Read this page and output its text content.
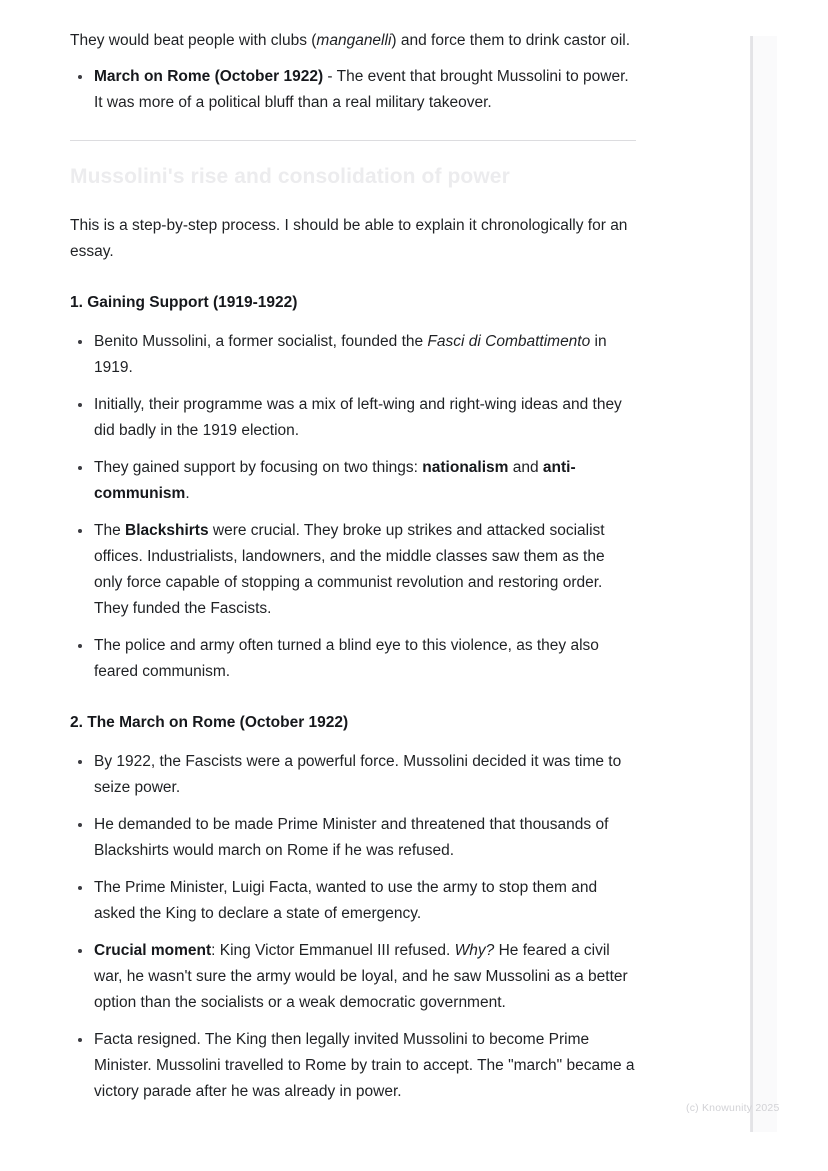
They would beat people with clubs (manganelli) and force them to drink castor oil.

March on Rome (October 1922) - The event that brought Mussolini to power. It was more of a political bluff than a real military takeover.
Mussolini's rise and consolidation of power

This is a step-by-step process. I should be able to explain it chronologically for an essay.

1. Gaining Support (1919-1922)
Benito Mussolini, a former socialist, founded the Fasci di Combattimento in 1919.
Initially, their programme was a mix of left-wing and right-wing ideas and they did badly in the 1919 election.
They gained support by focusing on two things: nationalism and anti-communism.
The Blackshirts were crucial. They broke up strikes and attacked socialist offices. Industrialists, landowners, and the middle classes saw them as the only force capable of stopping a communist revolution and restoring order. They funded the Fascists.
The police and army often turned a blind eye to this violence, as they also feared communism.
2. The March on Rome (October 1922)
By 1922, the Fascists were a powerful force. Mussolini decided it was time to seize power.
He demanded to be made Prime Minister and threatened that thousands of Blackshirts would march on Rome if he was refused.
The Prime Minister, Luigi Facta, wanted to use the army to stop them and asked the King to declare a state of emergency.
Crucial moment: King Victor Emmanuel III refused. Why? He feared a civil war, he wasn't sure the army would be loyal, and he saw Mussolini as a better option than the socialists or a weak democratic government.
Facta resigned. The King then legally invited Mussolini to become Prime Minister. Mussolini travelled to Rome by train to accept. The "march" became a victory parade after he was already in power.
(c) Knowunity 2025
